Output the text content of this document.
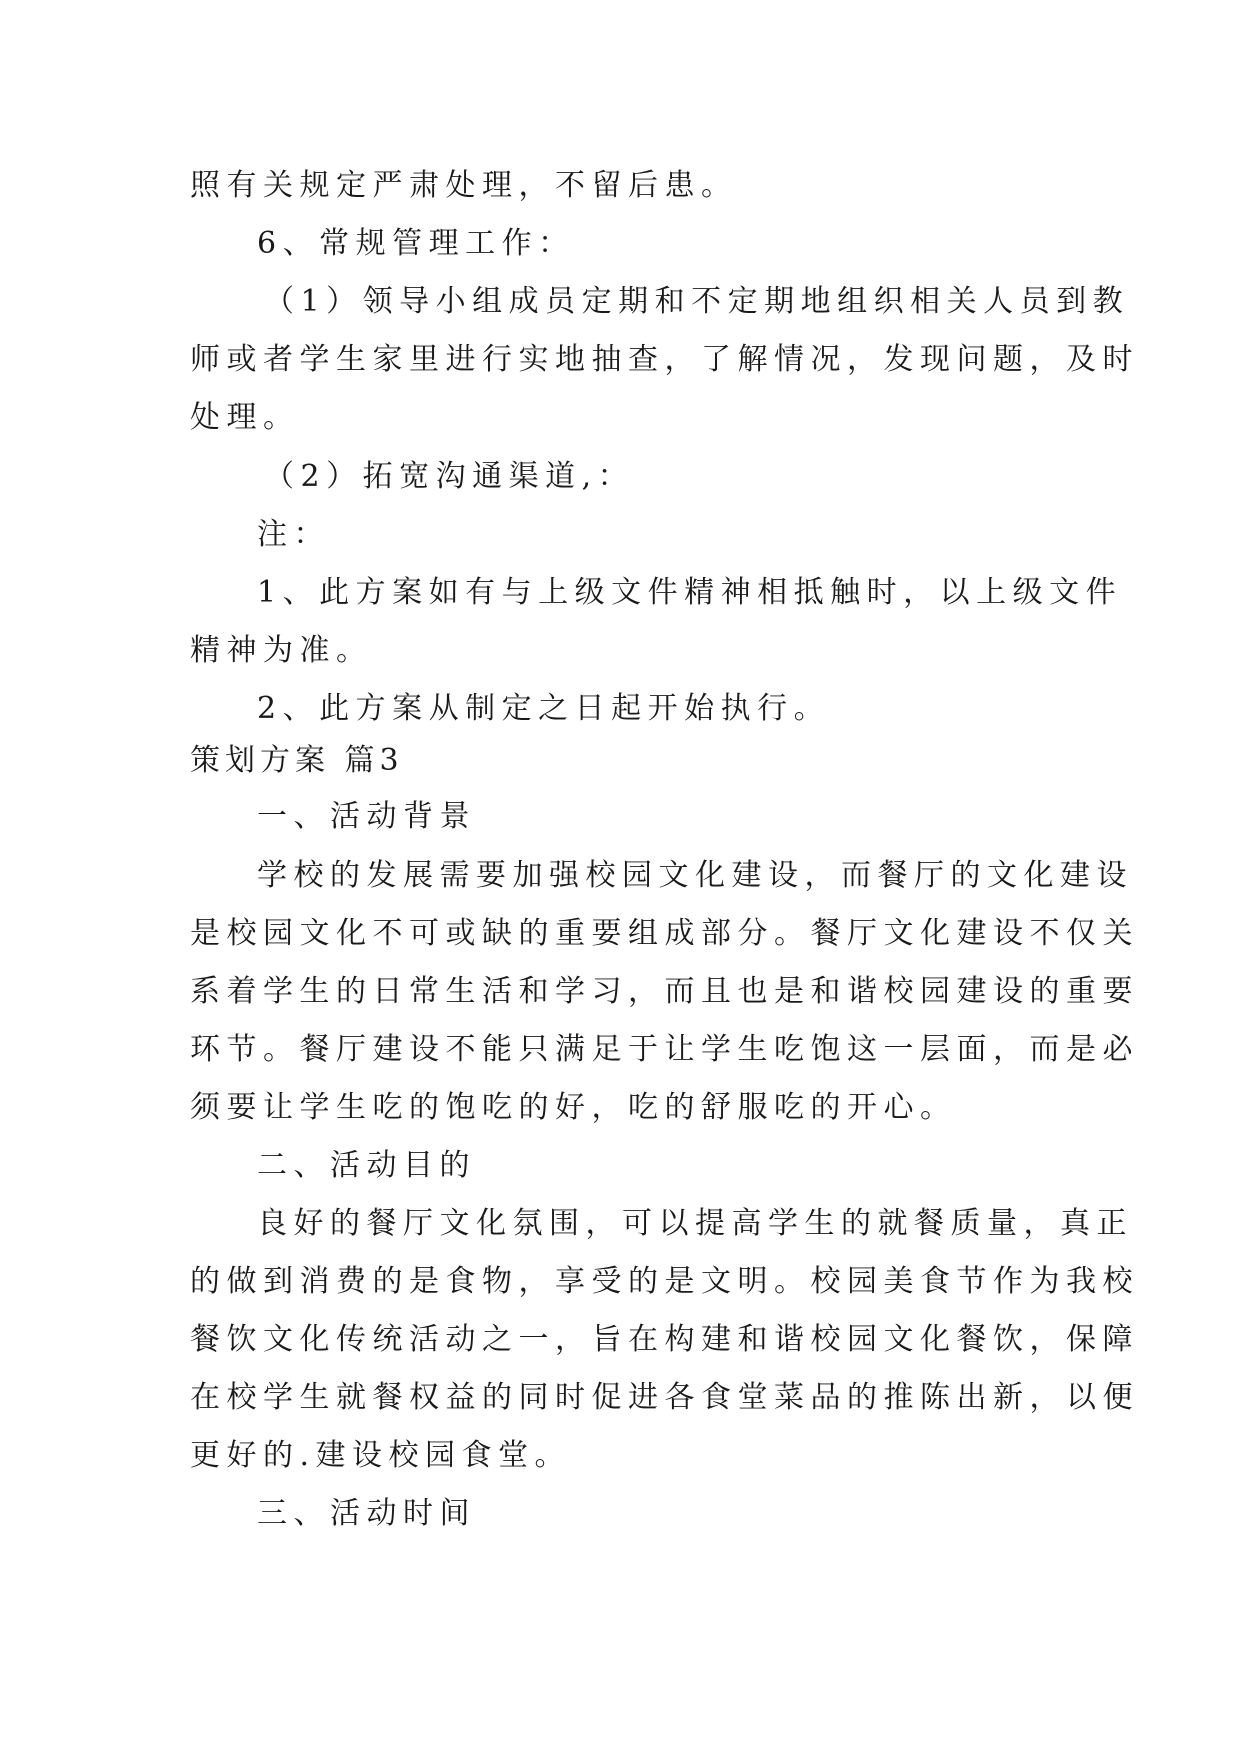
照有关规定严肃处理，不留后患。
6、常规管理工作：
（1）领导小组成员定期和不定期地组织相关人员到教
师或者学生家里进行实地抽查，了解情况，发现问题，及时
处理。
（2）拓宽沟通渠道,：
注：
1、此方案如有与上级文件精神相抵触时，以上级文件
精神为准。
2、此方案从制定之日起开始执行。
策划方案 篇3
一、活动背景
学校的发展需要加强校园文化建设，而餐厅的文化建设
是校园文化不可或缺的重要组成部分。餐厅文化建设不仅关
系着学生的日常生活和学习，而且也是和谐校园建设的重要
环节。餐厅建设不能只满足于让学生吃饱这一层面，而是必
须要让学生吃的饱吃的好，吃的舒服吃的开心。
二、活动目的
良好的餐厅文化氛围，可以提高学生的就餐质量，真正
的做到消费的是食物，享受的是文明。校园美食节作为我校
餐饮文化传统活动之一，旨在构建和谐校园文化餐饮，保障
在校学生就餐权益的同时促进各食堂菜品的推陈出新，以便
更好的.建设校园食堂。
三、活动时间
